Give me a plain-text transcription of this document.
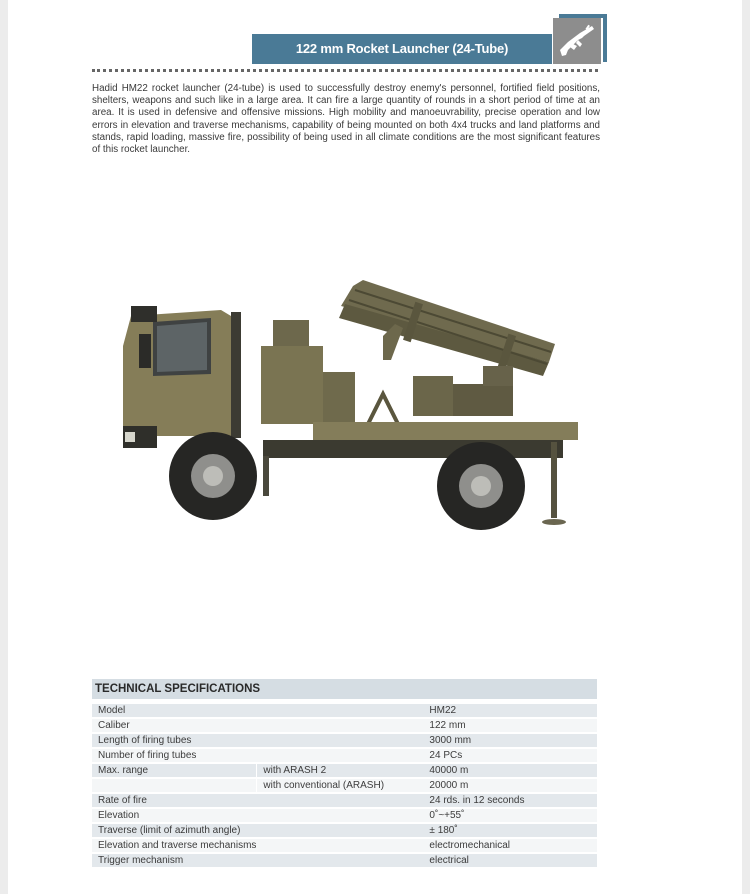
122 mm Rocket Launcher (24-Tube)
Hadid HM22 rocket launcher (24-tube) is used to successfully destroy enemy's personnel, fortified field positions, shelters, weapons and such like in a large area. It can fire a large quantity of rounds in a short period of time at an area. It is used in defensive and offensive missions. High mobility and manoeuvrability, precise operation and low errors in elevation and traverse mechanisms, capability of being mounted on both 4x4 trucks and land platforms and stands, rapid loading, massive fire, possibility of being used in all climate conditions are the most significant features of this rocket launcher.
TECHNICAL SPECIFICATIONS
Model		HM22
Caliber		122 mm
Length of firing tubes		3000 mm
Number of firing tubes		24 PCs
Max. range	with ARASH 2	40000 m
	with conventional (ARASH)	20000 m
Rate of fire		24 rds. in 12 seconds
Elevation		0˚~+55˚
Traverse (limit of azimuth angle)		± 180˚
Elevation and traverse mechanisms		electromechanical
Trigger mechanism		electrical
